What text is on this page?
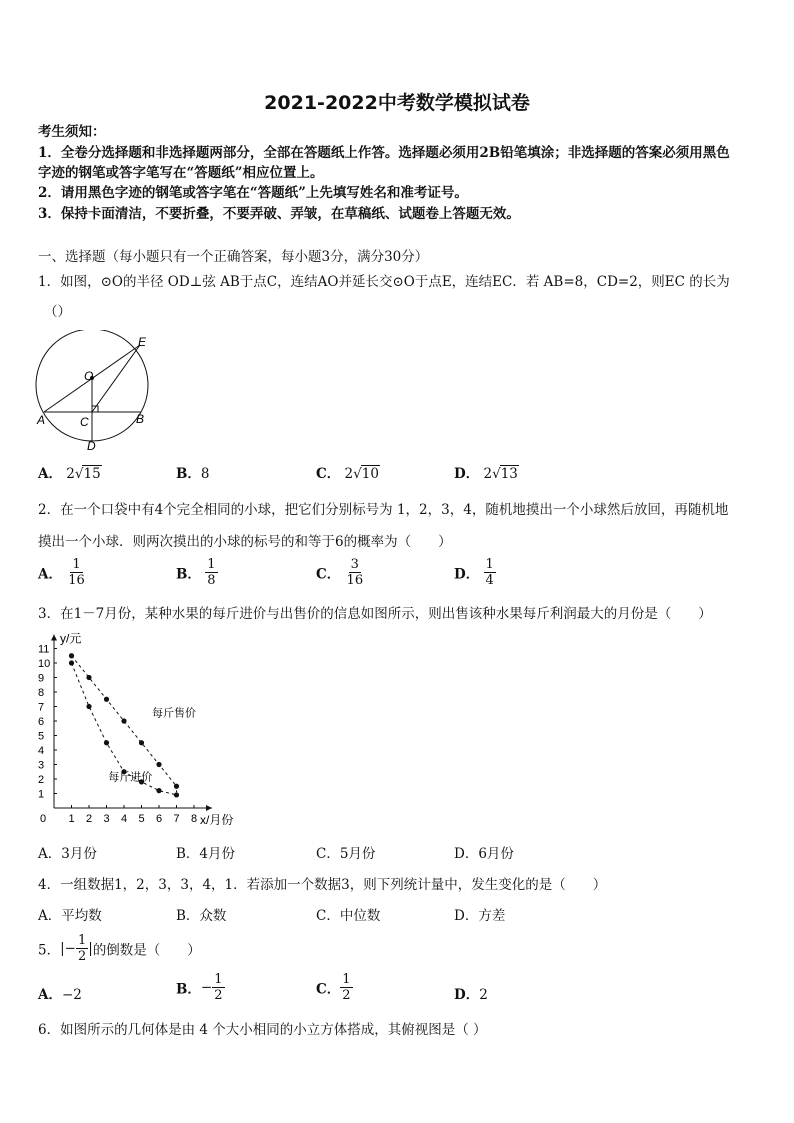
2021-2022中考数学模拟试卷
考生须知：
1．全卷分选择题和非选择题两部分，全部在答题纸上作答。选择题必须用2B铅笔填涂；非选择题的答案必须用黑色
字迹的钢笔或答字笔写在“答题纸”相应位置上。
2．请用黑色字迹的钢笔或答字笔在“答题纸”上先填写姓名和准考证号。
3．保持卡面清洁，不要折叠，不要弄破、弄皱，在草稿纸、试题卷上答题无效。
一、选择题（每小题只有一个正确答案，每小题3分，满分30分）
1．如图，⊙O的半径 OD⊥弦 AB于点C，连结AO并延长交⊙O于点E，连结EC．若 AB=8，CD=2，则EC 的长为
（）
O
E
A	B
C
D
A． 2√15	B．8	C． 2√10	D． 2√13
2．在一个口袋中有4个完全相同的小球，把它们分别标号为 1，2，3，4，随机地摸出一个小球然后放回，再随机地
摸出一个小球．则两次摸出的小球的标号的和等于6的概率为（　　）
A． $\frac{1}{16}$	B． $\frac{1}{8}$	C． $\frac{3}{16}$	D． $\frac{1}{4}$
3．在1－7月份，某种水果的每斤进价与出售价的信息如图所示，则出售该种水果每斤利润最大的月份是（　　）
0 1 2 3 4 5 6 7 8
1
2
3
4
5
6
7
8
9
10
11
y/元
x/月份
每斤售价
每斤进价
A．3月份	B．4月份	C．5月份	D．6月份
4．一组数据1，2，3，3，4，1．若添加一个数据3，则下列统计量中，发生变化的是（　　）
A．平均数	B．众数	C．中位数	D．方差
5．|− $\frac{1}{2}$ |的倒数是（　　）
A．−2	B．− $\frac{1}{2}$	C． $\frac{1}{2}$	D．2
6．如图所示的几何体是由 4 个大小相同的小立方体搭成，其俯视图是（ ）
